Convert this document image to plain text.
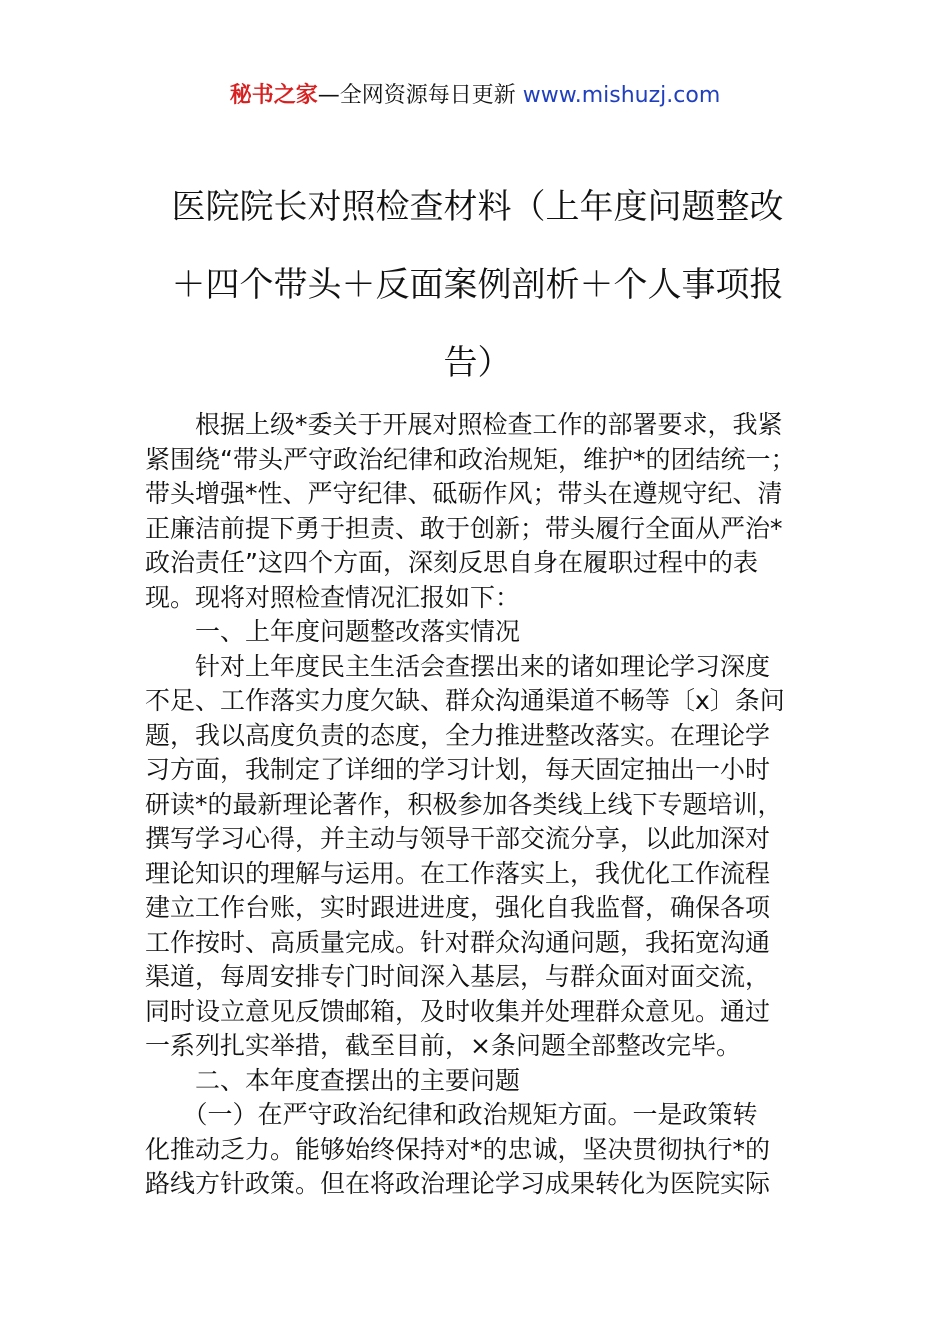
秘书之家—全网资源每日更新 www.mishuzj.com
医院院长对照检查材料（上年度问题整改
＋四个带头＋反面案例剖析＋个人事项报
告）
　　根据上级*委关于开展对照检查工作的部署要求，我紧
紧围绕“带头严守政治纪律和政治规矩，维护*的团结统一；
带头增强*性、严守纪律、砥砺作风；带头在遵规守纪、清
正廉洁前提下勇于担责、敢于创新；带头履行全面从严治*
政治责任”这四个方面，深刻反思自身在履职过程中的表
现。现将对照检查情况汇报如下：
　　一、上年度问题整改落实情况
　　针对上年度民主生活会查摆出来的诸如理论学习深度
不足、工作落实力度欠缺、群众沟通渠道不畅等〔x〕条问
题，我以高度负责的态度，全力推进整改落实。在理论学
习方面，我制定了详细的学习计划，每天固定抽出一小时
研读*的最新理论著作，积极参加各类线上线下专题培训，
撰写学习心得，并主动与领导干部交流分享，以此加深对
理论知识的理解与运用。在工作落实上，我优化工作流程
建立工作台账，实时跟进进度，强化自我监督，确保各项
工作按时、高质量完成。针对群众沟通问题，我拓宽沟通
渠道，每周安排专门时间深入基层，与群众面对面交流，
同时设立意见反馈邮箱，及时收集并处理群众意见。通过
一系列扎实举措，截至目前，×条问题全部整改完毕。
　　二、本年度查摆出的主要问题
　　（一）在严守政治纪律和政治规矩方面。一是政策转
化推动乏力。能够始终保持对*的忠诚，坚决贯彻执行*的
路线方针政策。但在将政治理论学习成果转化为医院实际
